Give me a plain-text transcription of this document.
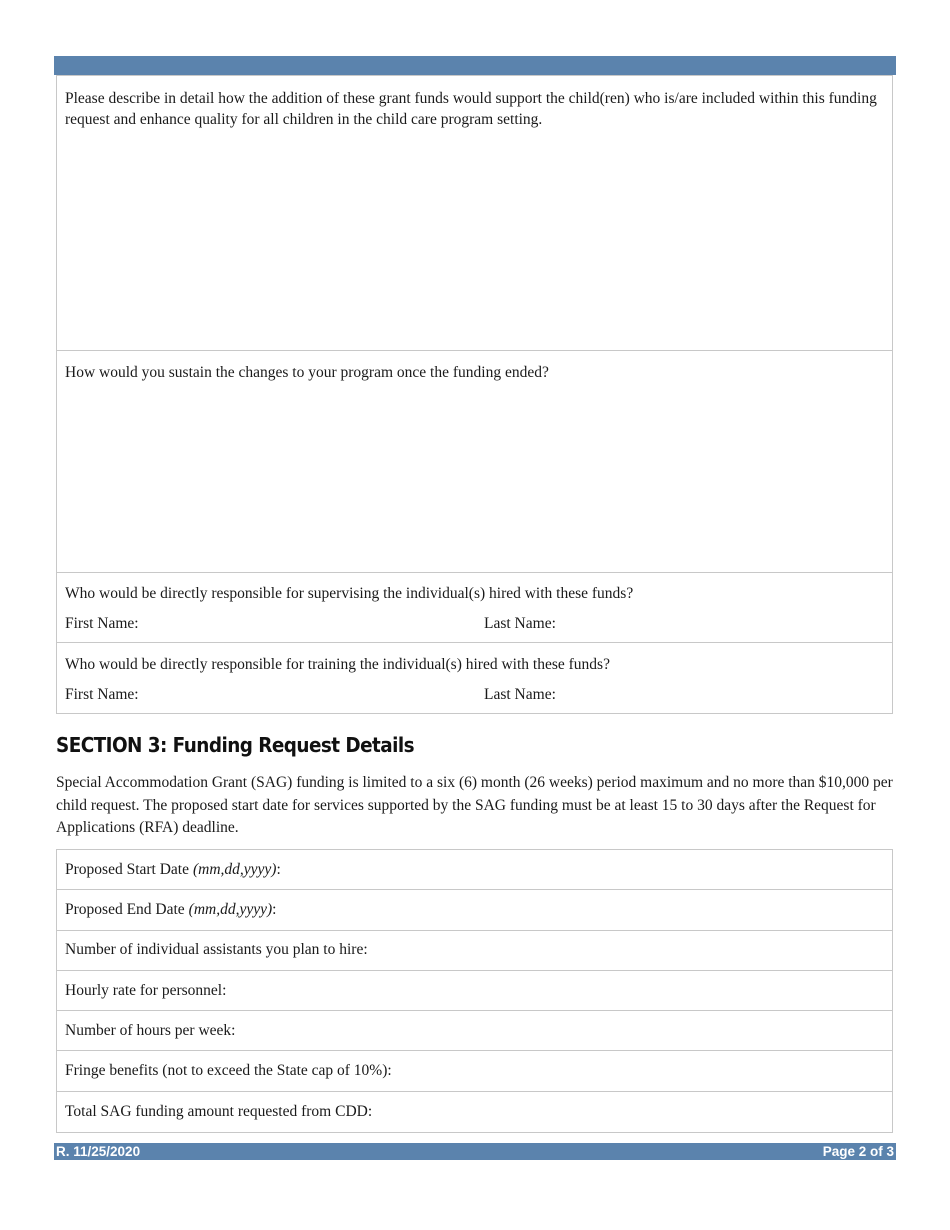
Please describe in detail how the addition of these grant funds would support the child(ren) who is/are included within this funding request and enhance quality for all children in the child care program setting.

How would you sustain the changes to your program once the funding ended?

Who would be directly responsible for supervising the individual(s) hired with these funds?

First Name:	Last Name:

Who would be directly responsible for training the individual(s) hired with these funds?

First Name:	Last Name:

SECTION 3: Funding Request Details

Special Accommodation Grant (SAG) funding is limited to a six (6) month (26 weeks) period maximum and no more than $10,000 per child request. The proposed start date for services supported by the SAG funding must be at least 15 to 30 days after the Request for Applications (RFA) deadline.

Proposed Start Date (mm,dd,yyyy) :
Proposed End Date (mm,dd,yyyy) :
Number of individual assistants you plan to hire:
Hourly rate for personnel:
Number of hours per week:
Fringe benefits (not to exceed the State cap of 10%):
Total SAG funding amount requested from CDD:
R. 11/25/2020	Page 2 of 3
